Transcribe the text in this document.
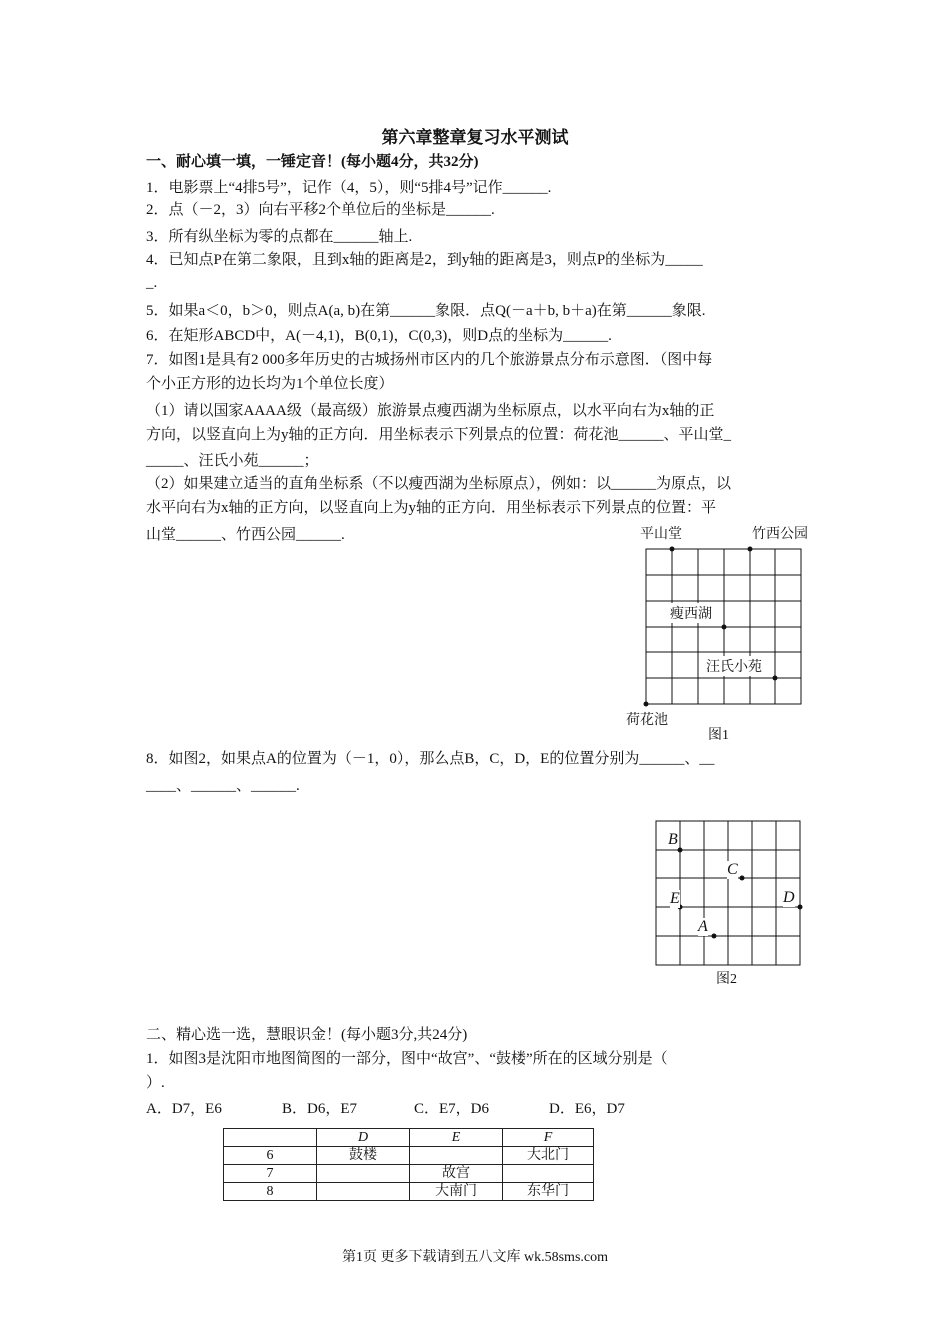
第六章整章复习水平测试
一、耐心填一填，一锤定音！(每小题4分，共32分)
1．电影票上“4排5号”，记作（4，5），则“5排4号”记作______.
2．点（－2，3）向右平移2个单位后的坐标是______.
3．所有纵坐标为零的点都在______轴上.
4．已知点P在第二象限，且到x轴的距离是2，到y轴的距离是3，则点P的坐标为_____
_.
5．如果a＜0，b＞0，则点A(a, b)在第______象限．点Q(－a＋b, b＋a)在第______象限.
6．在矩形ABCD中，A(－4,1)，B(0,1)，C(0,3)，则D点的坐标为______.
7．如图1是具有2 000多年历史的古城扬州市区内的几个旅游景点分布示意图．（图中每
个小正方形的边长均为1个单位长度）
（1）请以国家AAAA级（最高级）旅游景点瘦西湖为坐标原点，以水平向右为x轴的正
方向，以竖直向上为y轴的正方向．用坐标表示下列景点的位置：荷花池______、平山堂_
_____、汪氏小苑______；
（2）如果建立适当的直角坐标系（不以瘦西湖为坐标原点），例如：以______为原点，以
水平向右为x轴的正方向，以竖直向上为y轴的正方向．用坐标表示下列景点的位置：平
山堂______、竹西公园______.	平山堂	竹西公园
瘦西湖
汪氏小苑
荷花池
图1
8．如图2，如果点A的位置为（－1，0），那么点B，C，D，E的位置分别为______、__
____、______、______.
B
C
D
E
A
图2
二、精心选一选，慧眼识金！(每小题3分,共24分)
1．如图3是沈阳市地图简图的一部分，图中“故宫”、“鼓楼”所在的区域分别是（
）.
A．D7，E6	B．D6，E7	C．E7，D6	D．E6，D7
	D	E	F
6	鼓楼		大北门
7		故宫	
8		大南门	东华门
第1页 更多下载请到五八文库 wk.58sms.com
